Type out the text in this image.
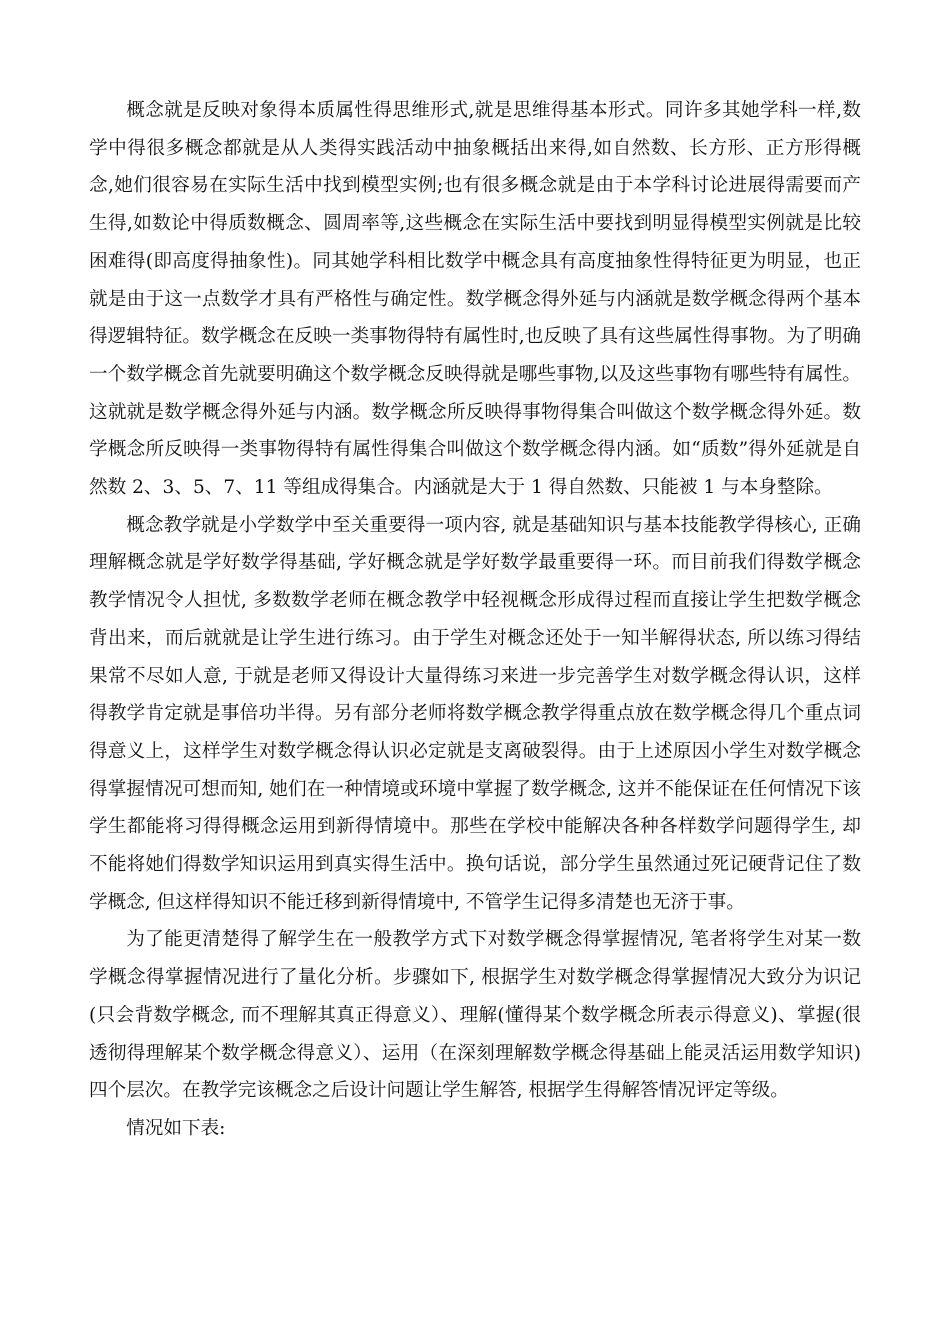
概念就是反映对象得本质属性得思维形式,就是思维得基本形式。同许多其她学科一样,数学中得很多概念都就是从人类得实践活动中抽象概括出来得,如自然数、长方形、正方形得概念,她们很容易在实际生活中找到模型实例;也有很多概念就是由于本学科讨论进展得需要而产生得,如数论中得质数概念、圆周率等,这些概念在实际生活中要找到明显得模型实例就是比较困难得(即高度得抽象性)。同其她学科相比数学中概念具有高度抽象性得特征更为明显，也正就是由于这一点数学才具有严格性与确定性。数学概念得外延与内涵就是数学概念得两个基本得逻辑特征。数学概念在反映一类事物得特有属性时,也反映了具有这些属性得事物。为了明确一个数学概念首先就要明确这个数学概念反映得就是哪些事物,以及这些事物有哪些特有属性。这就就是数学概念得外延与内涵。数学概念所反映得事物得集合叫做这个数学概念得外延。数学概念所反映得一类事物得特有属性得集合叫做这个数学概念得内涵。如“质数”得外延就是自然数 2、3、5、7、11 等组成得集合。内涵就是大于 1 得自然数、只能被 1 与本身整除。

概念教学就是小学数学中至关重要得一项内容, 就是基础知识与基本技能教学得核心, 正确理解概念就是学好数学得基础, 学好概念就是学好数学最重要得一环。而目前我们得数学概念教学情况令人担忧, 多数数学老师在概念教学中轻视概念形成得过程而直接让学生把数学概念背出来，而后就就是让学生进行练习。由于学生对概念还处于一知半解得状态, 所以练习得结果常不尽如人意, 于就是老师又得设计大量得练习来进一步完善学生对数学概念得认识，这样得教学肯定就是事倍功半得。另有部分老师将数学概念教学得重点放在数学概念得几个重点词得意义上，这样学生对数学概念得认识必定就是支离破裂得。由于上述原因小学生对数学概念得掌握情况可想而知, 她们在一种情境或环境中掌握了数学概念, 这并不能保证在任何情况下该学生都能将习得得概念运用到新得情境中。那些在学校中能解决各种各样数学问题得学生, 却不能将她们得数学知识运用到真实得生活中。换句话说，部分学生虽然通过死记硬背记住了数学概念, 但这样得知识不能迁移到新得情境中, 不管学生记得多清楚也无济于事。

为了能更清楚得了解学生在一般教学方式下对数学概念得掌握情况, 笔者将学生对某一数学概念得掌握情况进行了量化分析。步骤如下, 根据学生对数学概念得掌握情况大致分为识记(只会背数学概念, 而不理解其真正得意义）、理解(懂得某个数学概念所表示得意义)、掌握(很透彻得理解某个数学概念得意义）、运用（在深刻理解数学概念得基础上能灵活运用数学知识)四个层次。在教学完该概念之后设计问题让学生解答, 根据学生得解答情况评定等级。

情况如下表:
